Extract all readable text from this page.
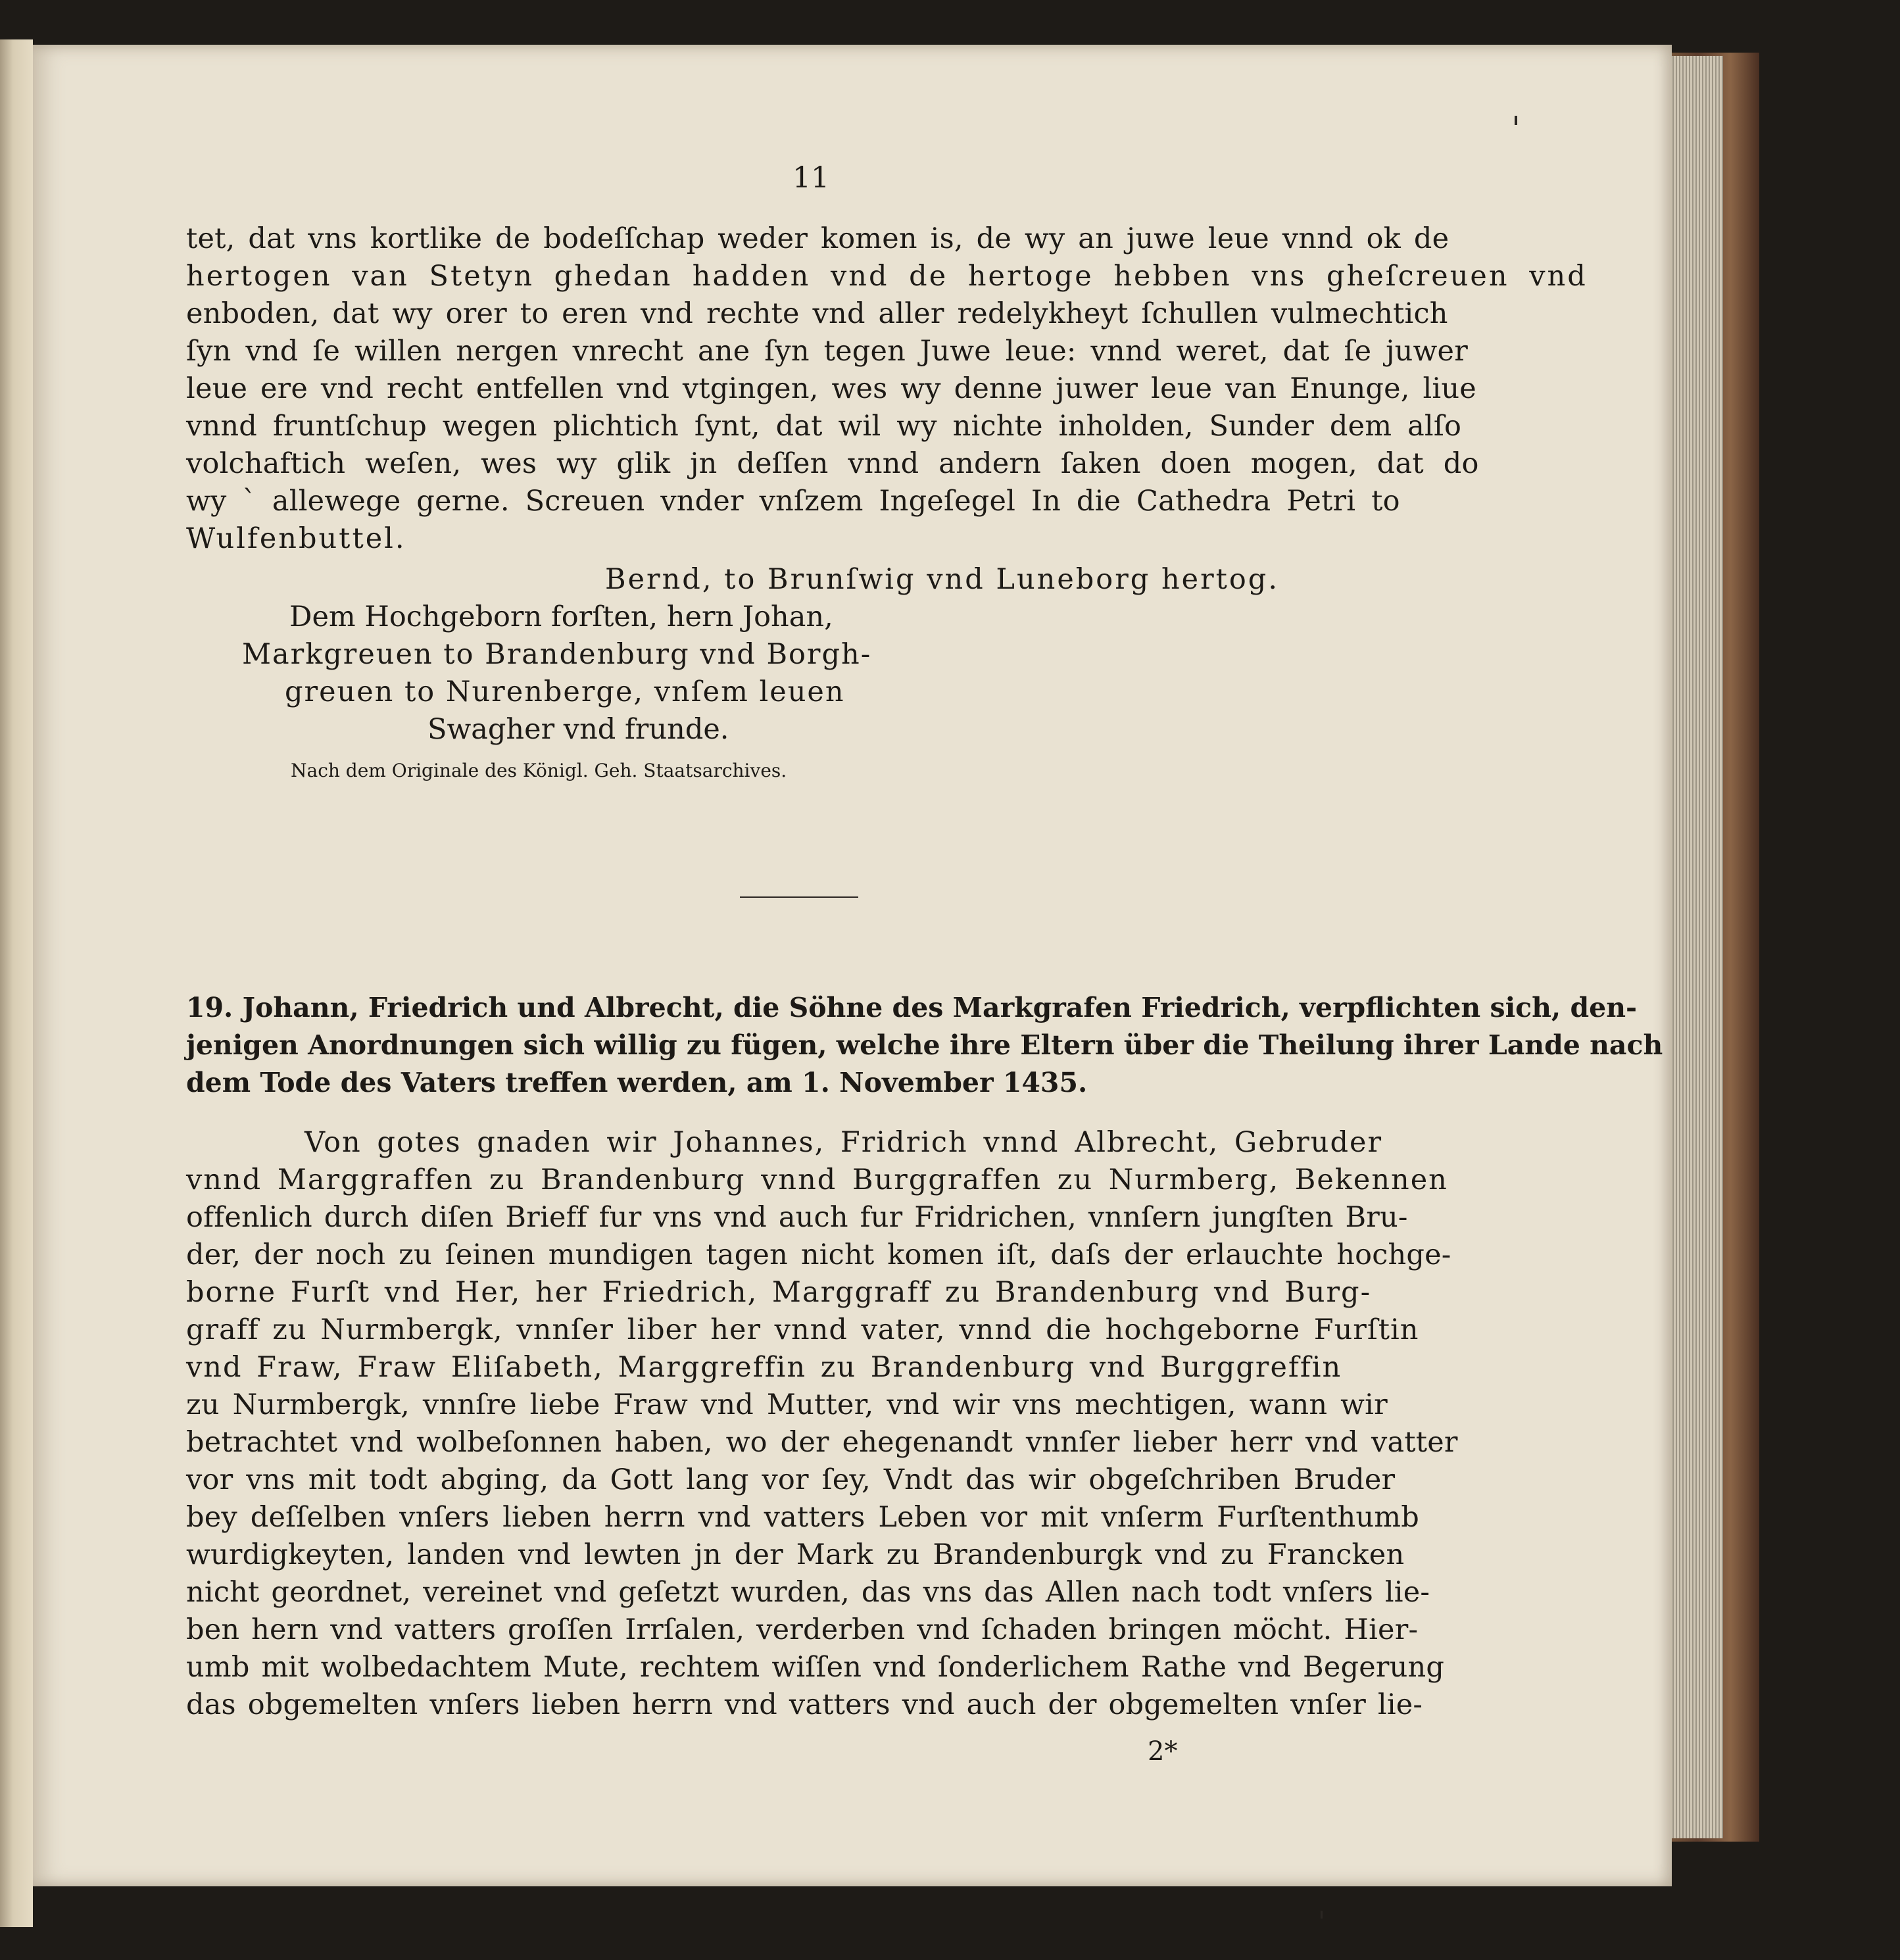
11
tet, dat vns kortlike de bodeſſchap weder komen is, de wy an juwe leue vnnd ok de
hertogen van Stetyn ghedan hadden vnd de hertoge hebben vns gheſcreuen vnd
enboden, dat wy orer to eren vnd rechte vnd aller redelykheyt ſchullen vulmechtich
ſyn vnd ſe willen nergen vnrecht ane ſyn tegen Juwe leue: vnnd weret, dat ſe juwer
leue ere vnd recht entfellen vnd vtgingen, wes wy denne juwer leue van Enunge, liue
vnnd fruntſchup wegen plichtich ſynt, dat wil wy nichte inholden, Sunder dem alſo
volchaftich weſen, wes wy glik jn deſſen vnnd andern ſaken doen mogen, dat do
wy ` allewege gerne. Screuen vnder vnſzem Ingeſegel In die Cathedra Petri to
Wulfenbuttel.
Bernd, to Brunſwig vnd Luneborg hertog.
Dem Hochgeborn forſten, hern Johan,
Markgreuen to Brandenburg vnd Borgh-
greuen to Nurenberge, vnſem leuen
Swagher vnd frunde.
Nach dem Originale des Königl. Geh. Staatsarchives.
19. Johann, Friedrich und Albrecht, die Söhne des Markgrafen Friedrich, verpflichten sich, den-
jenigen Anordnungen sich willig zu fügen, welche ihre Eltern über die Theilung ihrer Lande nach
dem Tode des Vaters treffen werden, am 1. November 1435.
Von gotes gnaden wir Johannes, Fridrich vnnd Albrecht, Gebruder
vnnd Marggraffen zu Brandenburg vnnd Burggraffen zu Nurmberg, Bekennen
offenlich durch diſen Brieff fur vns vnd auch fur Fridrichen, vnnſern jungſten Bru-
der, der noch zu ſeinen mundigen tagen nicht komen iſt, daſs der erlauchte hochge-
borne Furſt vnd Her, her Friedrich, Marggraff zu Brandenburg vnd Burg-
graff zu Nurmbergk, vnnſer liber her vnnd vater, vnnd die hochgeborne Furſtin
vnd Fraw, Fraw Eliſabeth, Marggreffin zu Brandenburg vnd Burggreffin
zu Nurmbergk, vnnſre liebe Fraw vnd Mutter, vnd wir vns mechtigen, wann wir
betrachtet vnd wolbeſonnen haben, wo der ehegenandt vnnſer lieber herr vnd vatter
vor vns mit todt abging, da Gott lang vor ſey, Vndt das wir obgeſchriben Bruder
bey deſſelben vnſers lieben herrn vnd vatters Leben vor mit vnſerm Furſtenthumb
wurdigkeyten, landen vnd lewten jn der Mark zu Brandenburgk vnd zu Francken
nicht geordnet, vereinet vnd geſetzt wurden, das vns das Allen nach todt vnſers lie-
ben hern vnd vatters groſſen Irrſalen, verderben vnd ſchaden bringen möcht. Hier-
umb mit wolbedachtem Mute, rechtem wiſſen vnd ſonderlichem Rathe vnd Begerung
das obgemelten vnſers lieben herrn vnd vatters vnd auch der obgemelten vnſer lie-
2*
